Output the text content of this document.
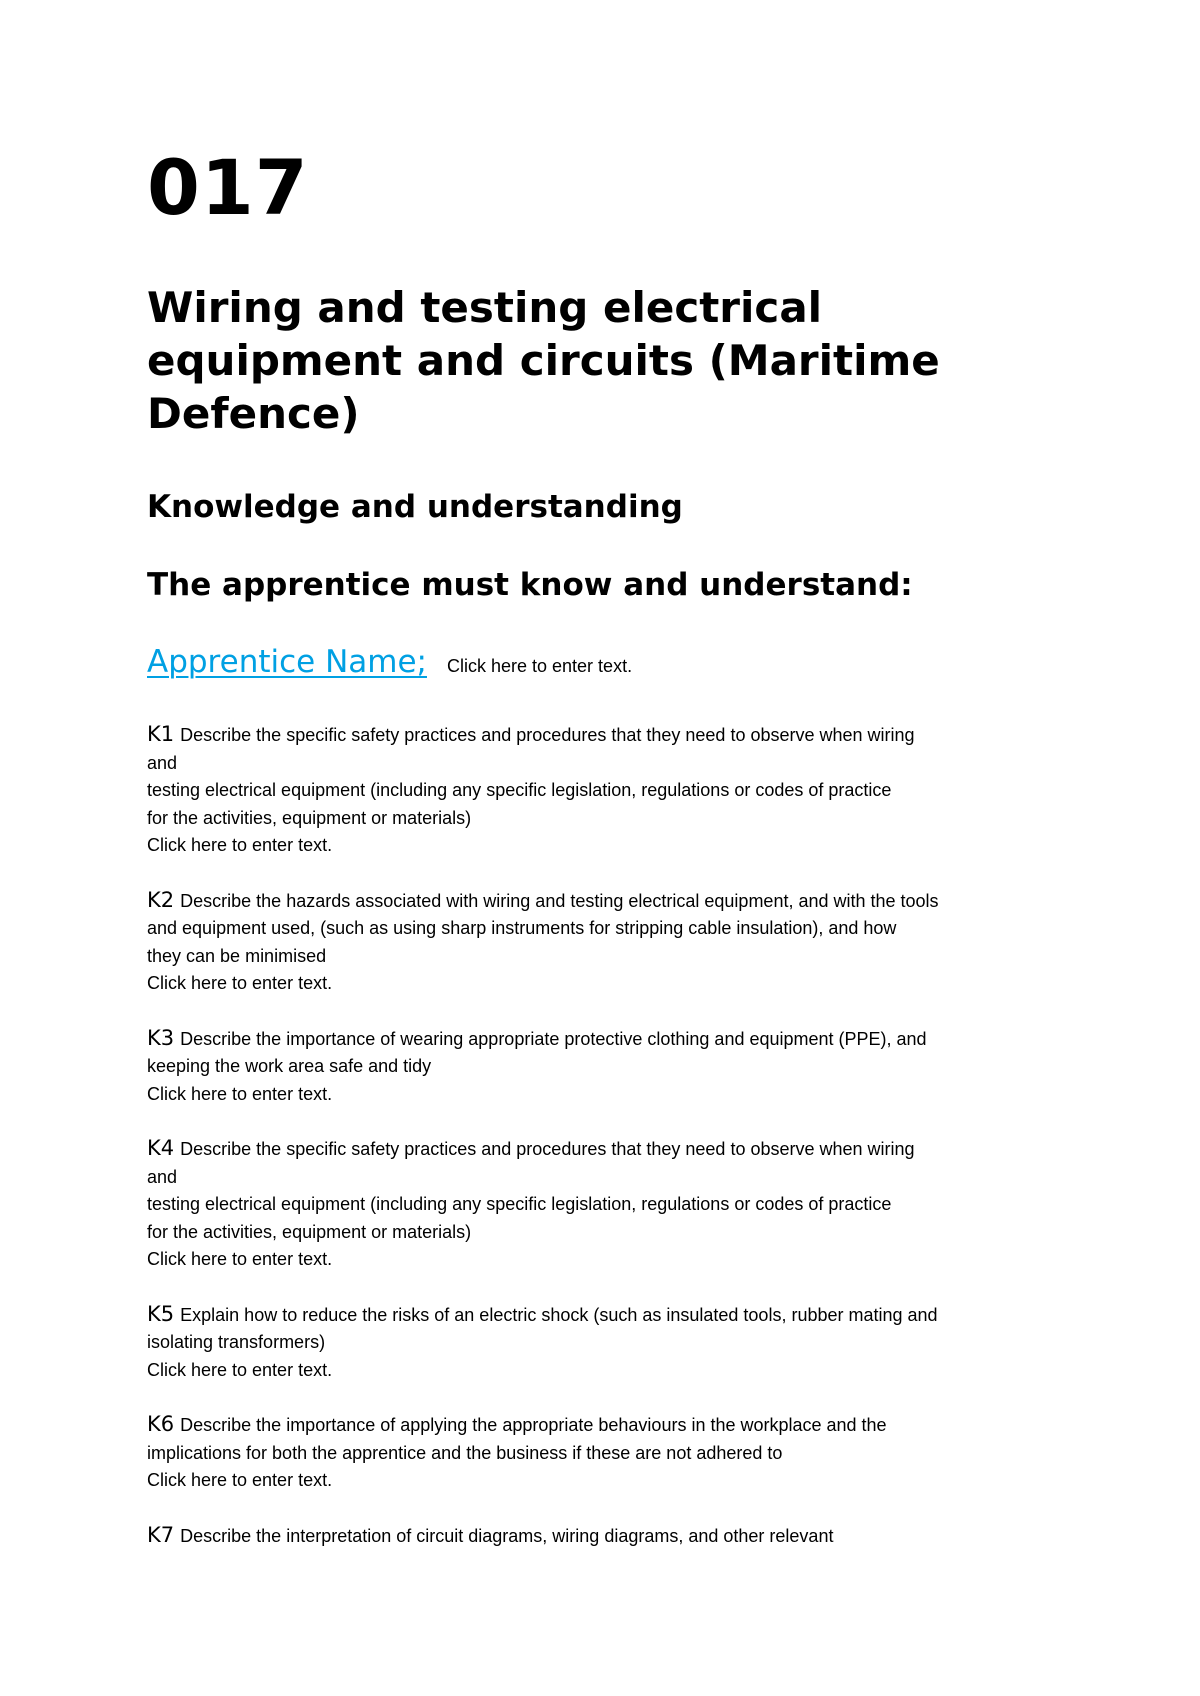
017
Wiring and testing electrical equipment and circuits (Maritime Defence)
Knowledge and understanding
The apprentice must know and understand:
Apprentice Name; Click here to enter text.
K1 Describe the specific safety practices and procedures that they need to observe when wiring
and
testing electrical equipment (including any specific legislation, regulations or codes of practice
for the activities, equipment or materials)
Click here to enter text.
K2 Describe the hazards associated with wiring and testing electrical equipment, and with the tools
and equipment used, (such as using sharp instruments for stripping cable insulation), and how
they can be minimised
Click here to enter text.
K3 Describe the importance of wearing appropriate protective clothing and equipment (PPE), and
keeping the work area safe and tidy
Click here to enter text.
K4 Describe the specific safety practices and procedures that they need to observe when wiring
and
testing electrical equipment (including any specific legislation, regulations or codes of practice
for the activities, equipment or materials)
Click here to enter text.
K5 Explain how to reduce the risks of an electric shock (such as insulated tools, rubber mating and
isolating transformers)
Click here to enter text.
K6 Describe the importance of applying the appropriate behaviours in the workplace and the
implications for both the apprentice and the business if these are not adhered to
Click here to enter text.
K7 Describe the interpretation of circuit diagrams, wiring diagrams, and other relevant
